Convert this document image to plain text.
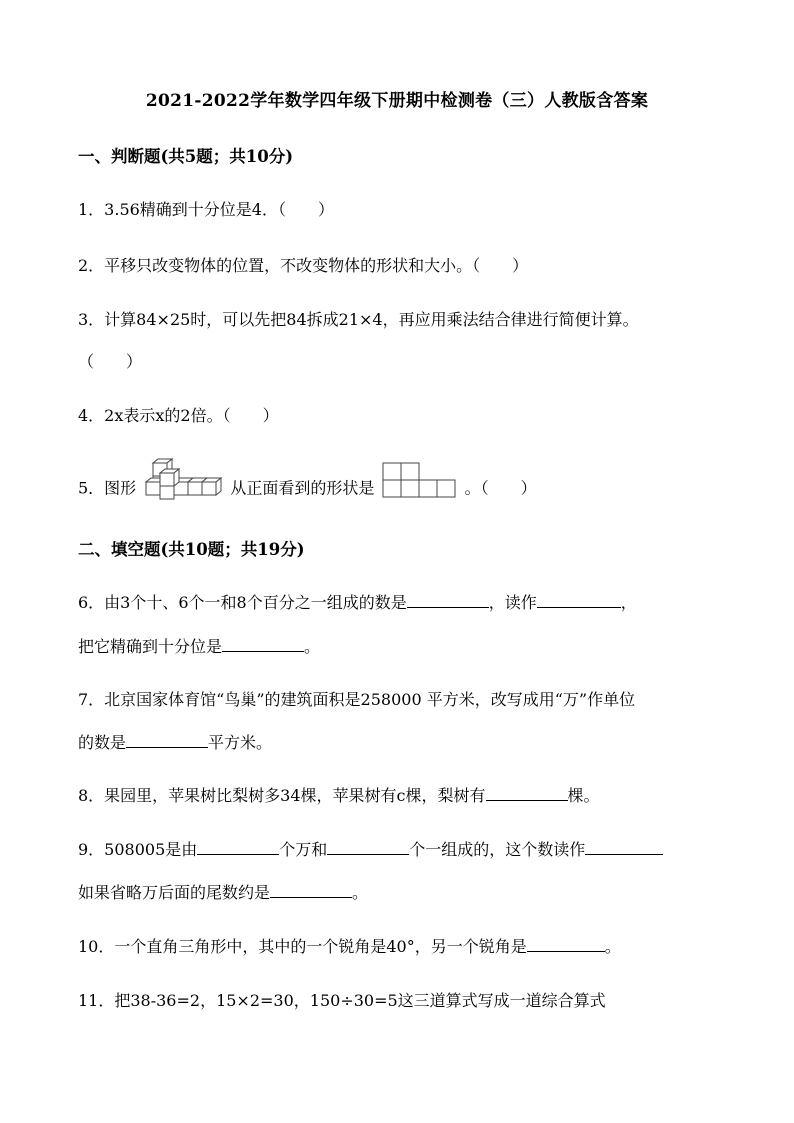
2021-2022学年数学四年级下册期中检测卷（三）人教版含答案
一、判断题(共5题；共10分)
1．3.56精确到十分位是4．（　　）
2．平移只改变物体的位置，不改变物体的形状和大小。（　　）
3．计算84×25时，可以先把84拆成21×4，再应用乘法结合律进行简便计算。
（　　）
4．2x表示x的2倍。（　　）
5．图形	从正面看到的形状是	。（　　）
二、填空题(共10题；共19分)
6．由3个十、6个一和8个百分之一组成的数是	，读作	，
把它精确到十分位是	。
7．北京国家体育馆“鸟巢”的建筑面积是258000 平方米，改写成用“万”作单位
的数是	平方米。
8．果园里，苹果树比梨树多34棵，苹果树有c棵，梨树有	棵。
9．508005是由	个万和	个一组成的，这个数读作
如果省略万后面的尾数约是	。
10．一个直角三角形中，其中的一个锐角是40°，另一个锐角是	。
11．把38-36=2，15×2=30，150÷30=5这三道算式写成一道综合算式
